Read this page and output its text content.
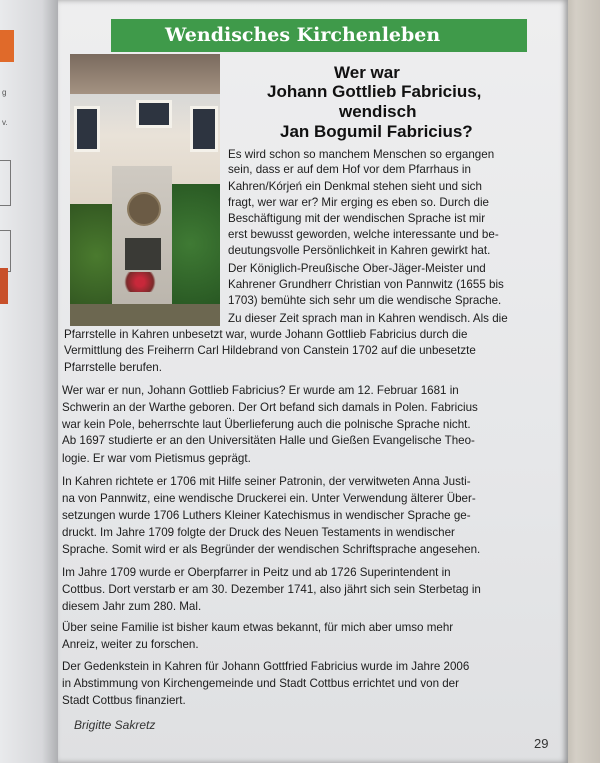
g
v.
Wendisches Kirchenleben
Wer war
Johann Gottlieb Fabricius,
wendisch
Jan Bogumil Fabricius?
Es wird schon so manchem Menschen so ergangen
sein, dass er auf dem Hof vor dem Pfarrhaus in
Kahren/Kórjeń ein Denkmal stehen sieht und sich
fragt, wer war er? Mir erging es eben so. Durch die
Beschäftigung mit der wendischen Sprache ist mir
erst bewusst geworden, welche interessante und be-
deutungsvolle Persönlichkeit in Kahren gewirkt hat.
Der Königlich-Preußische Ober-Jäger-Meister und
Kahrener Grundherr Christian von Pannwitz (1655 bis
1703) bemühte sich sehr um die wendische Sprache.
Zu dieser Zeit sprach man in Kahren wendisch. Als die
Pfarrstelle in Kahren unbesetzt war, wurde Johann Gottlieb Fabricius durch die
Vermittlung des Freiherrn Carl Hildebrand von Canstein 1702 auf die unbesetzte
Pfarrstelle berufen.
Wer war er nun, Johann Gottlieb Fabricius? Er wurde am 12. Februar 1681 in
Schwerin an der Warthe geboren. Der Ort befand sich damals in Polen. Fabricius
war kein Pole, beherrschte laut Überlieferung auch die polnische Sprache nicht.
Ab 1697 studierte er an den Universitäten Halle und Gießen Evangelische Theo-
logie. Er war vom Pietismus geprägt.
In Kahren richtete er 1706 mit Hilfe seiner Patronin, der verwitweten Anna Justi-
na von Pannwitz, eine wendische Druckerei ein. Unter Verwendung älterer Über-
setzungen wurde 1706 Luthers Kleiner Katechismus in wendischer Sprache ge-
druckt. Im Jahre 1709 folgte der Druck des Neuen Testaments in wendischer
Sprache. Somit wird er als Begründer der wendischen Schriftsprache angesehen.
Im Jahre 1709 wurde er Oberpfarrer in Peitz und ab 1726 Superintendent in
Cottbus. Dort verstarb er am 30. Dezember 1741, also jährt sich sein Sterbetag in
diesem Jahr zum 280. Mal.
Über seine Familie ist bisher kaum etwas bekannt, für mich aber umso mehr
Anreiz, weiter zu forschen.
Der Gedenkstein in Kahren für Johann Gottfried Fabricius wurde im Jahre 2006
in Abstimmung von Kirchengemeinde und Stadt Cottbus errichtet und von der
Stadt Cottbus finanziert.
Brigitte Sakretz
29
